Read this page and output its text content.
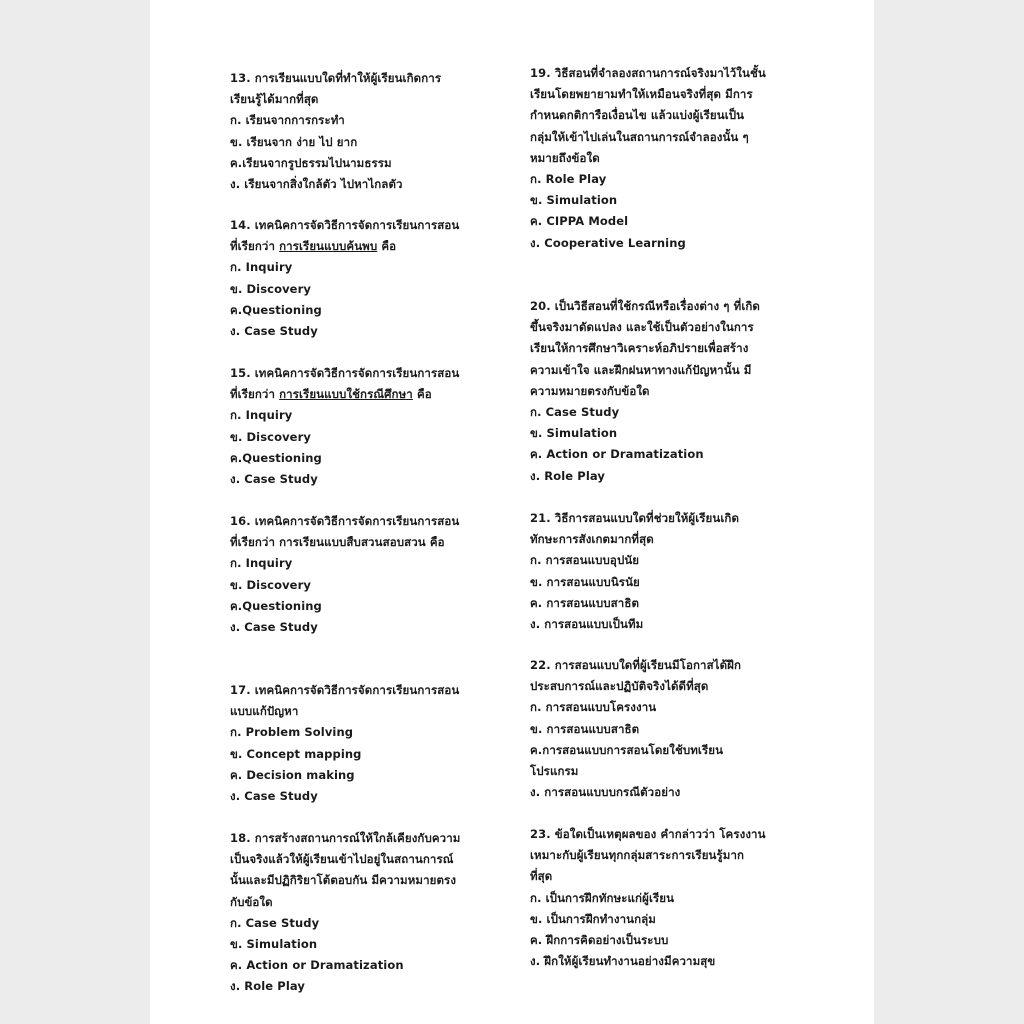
13. การเรียนแบบใดที่ทำให้ผู้เรียนเกิดการ
เรียนรู้ได้มากที่สุด
ก. เรียนจากการกระทำ
ข. เรียนจาก ง่าย ไป ยาก
ค.เรียนจากรูปธรรมไปนามธรรม
ง. เรียนจากสิ่งใกล้ตัว ไปหาไกลตัว
14. เทคนิคการจัดวิธีการจัดการเรียนการสอน
ที่เรียกว่า การเรียนแบบค้นพบ คือ
ก. Inquiry
ข. Discovery
ค.Questioning
ง. Case Study
15. เทคนิคการจัดวิธีการจัดการเรียนการสอน
ที่เรียกว่า การเรียนแบบใช้กรณีศึกษา คือ
ก. Inquiry
ข. Discovery
ค.Questioning
ง. Case Study
16. เทคนิคการจัดวิธีการจัดการเรียนการสอน
ที่เรียกว่า การเรียนแบบสืบสวนสอบสวน คือ
ก. Inquiry
ข. Discovery
ค.Questioning
ง. Case Study
17. เทคนิคการจัดวิธีการจัดการเรียนการสอน
แบบแก้ปัญหา
ก. Problem Solving
ข. Concept mapping
ค. Decision making
ง. Case Study
18. การสร้างสถานการณ์ให้ใกล้เคียงกับความ
เป็นจริงแล้วให้ผู้เรียนเข้าไปอยู่ในสถานการณ์
นั้นและมีปฏิกิริยาโต้ตอบกัน มีความหมายตรง
กับข้อใด
ก. Case Study
ข. Simulation
ค. Action or Dramatization
ง. Role Play
19. วิธีสอนที่จำลองสถานการณ์จริงมาไว้ในชั้น
เรียนโดยพยายามทำให้เหมือนจริงที่สุด มีการ
กำหนดกติการือเงื่อนไข แล้วแบ่งผู้เรียนเป็น
กลุ่มให้เข้าไปเล่นในสถานการณ์จำลองนั้น ๆ
หมายถึงข้อใด
ก. Role Play
ข. Simulation
ค. CIPPA Model
ง. Cooperative Learning
20. เป็นวิธีสอนที่ใช้กรณีหรือเรื่องต่าง ๆ ที่เกิด
ขึ้นจริงมาดัดแปลง และใช้เป็นตัวอย่างในการ
เรียนให้การศึกษาวิเคราะห์อภิปรายเพื่อสร้าง
ความเข้าใจ และฝึกฝนหาทางแก้ปัญหานั้น มี
ความหมายตรงกับข้อใด
ก. Case Study
ข. Simulation
ค. Action or Dramatization
ง. Role Play
21. วิธีการสอนแบบใดที่ช่วยให้ผู้เรียนเกิด
ทักษะการสังเกตมากที่สุด
ก. การสอนแบบอุปนัย
ข. การสอนแบบนิรนัย
ค. การสอนแบบสาธิต
ง. การสอนแบบเป็นทีม
22. การสอนแบบใดที่ผู้เรียนมีโอกาสได้ฝึก
ประสบการณ์และปฏิบัติจริงได้ดีที่สุด
ก. การสอนแบบโครงงาน
ข. การสอนแบบสาธิต
ค.การสอนแบบการสอนโดยใช้บทเรียน
โปรแกรม
ง. การสอนแบบบกรณีตัวอย่าง
23. ข้อใดเป็นเหตุผลของ คำกล่าวว่า โครงงาน
เหมาะกับผู้เรียนทุกกลุ่มสาระการเรียนรู้มาก
ที่สุด
ก. เป็นการฝึกทักษะแก่ผู้เรียน
ข. เป็นการฝึกทำงานกลุ่ม
ค. ฝึกการคิดอย่างเป็นระบบ
ง. ฝึกให้ผู้เรียนทำงานอย่างมีความสุข
